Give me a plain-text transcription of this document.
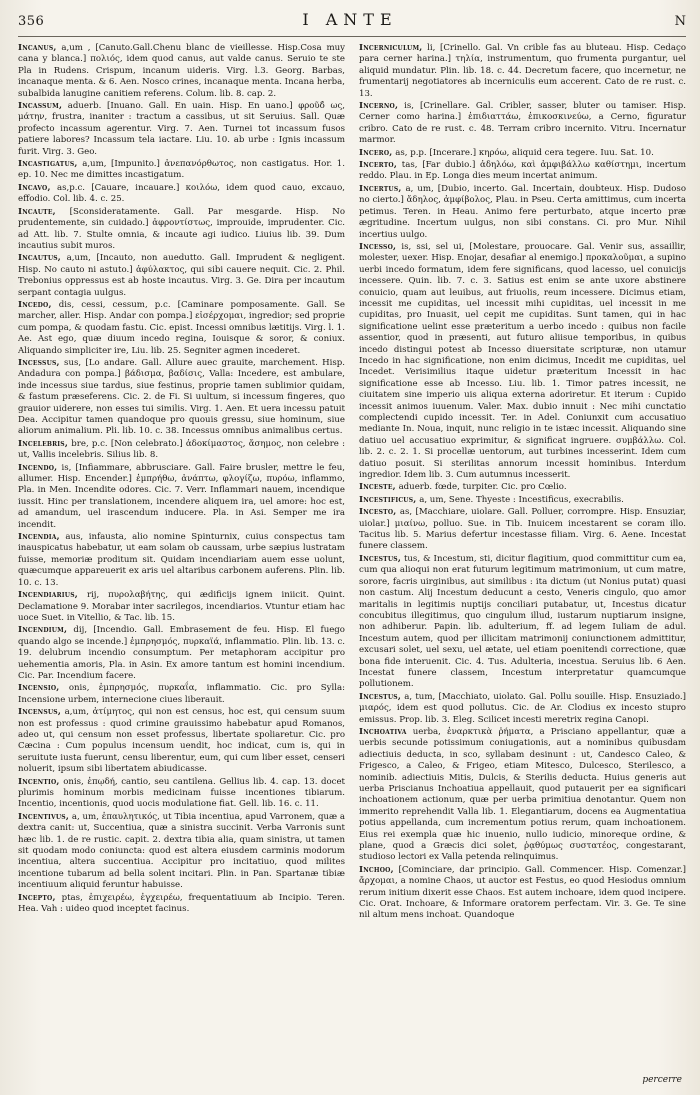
356	I ANTE	N

Incanus, a,um , [Canuto.Gall.Chenu blanc de vieillesse. Hisp.Cosa muy cana y blanca.] πολιός, idem quod canus, aut valde canus. Seruio te ste Pla in Rudens. Crispum, incanum uideris. Virg. l.3. Georg. Barbas, incanaque menta. & 6. Aen. Nosco crines, incanaque menta. Incana herba, subalbida lanugine canitiem referens. Colum. lib. 8. cap. 2.

Incassum, aduerb. [Inuano. Gall. En uain. Hisp. En uano.] φροῦδ̓ ως, μάτην, frustra, inaniter : tractum a cassibus, ut sit Seruius. Sall. Quæ profecto incassum agerentur. Virg. 7. Aen. Turnei tot incassum fusos patiere labores? Incassum tela iactare. Liu. 10. ab urbe : Ignis incassum furit. Virg. 3. Geo.

Incastigatus, a,um, [Impunito.] ἀνεπανόρθωτος, non castigatus. Hor. 1. ep. 10. Nec me dimittes incastigatum.

Incavo, as,p.c. [Cauare, incauare.] κοιλόω, idem quod cauo, excauo, effodio. Col. lib. 4. c. 25.

Incaute, [Sconsideratamente. Gall. Par mesgarde. Hisp. No prudentemente, sin cuidado.] ἀφροντίστως, improuide, imprudenter. Cic. ad Att. lib. 7. Stulte omnia, & incaute agi iudico. Liuius lib. 39. Dum incautius subit muros.

Incautus, a,um, [Incauto, non auedutto. Gall. Imprudent & negligent. Hisp. No cauto ni astuto.] ἀφύλακτος, qui sibi cauere nequit. Cic. 2. Phil. Trebonius oppressus est ab hoste incautus. Virg. 3. Ge. Dira per incautum serpant contagia uulgus.

Incedo, dis, cessi, cessum, p.c. [Caminare pomposamente. Gall. Se marcher, aller. Hisp. Andar con pompa.] εἰσέρχομαι, ingredior; sed proprie cum pompa, & quodam fastu. Cic. epist. Incessi omnibus lætitijs. Virg. l. 1. Ae. Ast ego, quæ diuum incedo regina, Iouisque & soror, & coniux. Aliquando simpliciter ire, Liu. lib. 25. Segniter agmen incederet.

Incessus, sus, [Lo andare. Gall. Allure auec grauite, marchement. Hisp. Andadura con pompa.] βάδισμα, βαδίσις, Valla: Incedere, est ambulare, inde incessus siue tardus, siue festinus, proprie tamen sublimior quidam, & fastum præseferens. Cic. 2. de Fi. Si uultum, si incessum fingeres, quo grauior uiderere, non esses tui similis. Virg. 1. Aen. Et uera incessu patuit Dea. Accipitur tamen quandoque pro quouis gressu, siue hominum, siue aliorum animalium. Pli. lib. 10. c. 38. Incessus omnibus animalibus certus.

Incelebris, bre, p.c. [Non celebrato.] ἀδοκίμαστος, ἄσημος, non celebre : ut, Vallis incelebris. Silius lib. 8.

Incendo, is, [Infiammare, abbrusciare. Gall. Faire brusler, mettre le feu, allumer. Hisp. Encender.] ἐμπρήθω, ἀνάπτω, φλογίζω, πυρόω, inflammo, Pla. in Men. Incendite odores. Cic. 7. Verr. Inflammari nauem, incendique iussit. Hinc per translationem, incendere aliquem ira, uel amore: hoc est, ad amandum, uel irascendum inducere. Pla. in Asi. Semper me ira incendit.

Incendia, aus, infausta, alio nomine Spinturnix, cuius conspectus tam inauspicatus habebatur, ut eam solam ob caussam, urbe sæpius lustratam fuisse, memoriæ proditum sit. Quidam incendiariam auem esse uolunt, quæcumque appareuerit ex aris uel altaribus carbonem auferens. Plin. lib. 10. c. 13.

Incendiarius, rij, πυρολαβήτης, qui ædificijs ignem iniicit. Quint. Declamatione 9. Morabar inter sacrilegos, incendiarios. Vtuntur etiam hac uoce Suet. in Vitellio, & Tac. lib. 15.

Incendium, dij, [Incendio. Gall. Embrasement de feu. Hisp. El fuego quando algo se incende.] ἐμπρησμός, πυρκαϊά, inflammatio. Plin. lib. 13. c. 19. delubrum incendio consumptum. Per metaphoram accipitur pro uehementia amoris, Pla. in Asin. Ex amore tantum est homini incendium. Cic. Par. Incendium facere.

Incensio, onis, ἐμπρησμός, πυρκαΐα, inflammatio. Cic. pro Sylla: Incensione urbem, internecione ciues liberauit.

Incensus, a,um, ἀτίμητος, qui non est census, hoc est, qui censum suum non est professus : quod crimine grauissimo habebatur apud Romanos, adeo ut, qui censum non esset professus, libertate spoliaretur. Cic. pro Cæcina : Cum populus incensum uendit, hoc indicat, cum is, qui in seruitute iusta fuerunt, censu liberentur, eum, qui cum liber esset, censeri noluerit, ipsum sibi libertatem abiudicasse.

Incentio, onis, ἐπῳδή, cantio, seu cantilena. Gellius lib. 4. cap. 13. docet plurimis hominum morbis medicinam fuisse incentiones tibiarum. Incentio, incentionis, quod uocis modulatione fiat. Gell. lib. 16. c. 11.

Incentivus, a, um, ἐπαυλητικός, ut Tibia incentiua, apud Varronem, quæ a dextra canit: ut, Succentiua, quæ a sinistra succinit. Verba Varronis sunt hæc lib. 1. de re rustic. capit. 2. dextra tibia alia, quam sinistra, ut tamen sit quodam modo coniuncta: quod est altera eiusdem carminis modorum incentiua, altera succentiua. Accipitur pro incitatiuo, quod milites incentione tubarum ad bella solent incitari. Plin. in Pan. Spartanæ tibiæ incentiuum aliquid feruntur habuisse.

Incepto, ptas, ἐπιχειρέω, ἐγχειρέω, frequentatiuum ab Incipio. Teren. Hea. Vah : uideo quod inceptet facinus.

Incerniculum, li, [Crinello. Gal. Vn crible fas au bluteau. Hisp. Cedaço para cerner harina.] τηλία, instrumentum, quo frumenta purgantur, uel aliquid mundatur. Plin. lib. 18. c. 44. Decretum facere, quo incernetur, ne frumentarij negotiatores ab incerniculis eum accerent. Cato de re rust. c. 13.

Incerno, is, [Crinellare. Gal. Cribler, sasser, bluter ou tamiser. Hisp. Cerner como harina.] ἐπιδιαττάω, ἐπικοσκινεύω, a Cerno, figuratur cribro. Cato de re rust. c. 48. Terram cribro incernito. Vitru. Incernatur marmor.

Incero, as, p.p. [Incerare.] κηρόω, aliquid cera tegere. Iuu. Sat. 10.

Incerto, tas, [Far dubio.] ἀδηλόω, καὶ ἀμφιβάλλω καθίστημι, incertum reddo. Plau. in Ep. Longa dies meum incertat animum.

Incertus, a, um, [Dubio, incerto. Gal. Incertain, doubteux. Hisp. Dudoso no cierto.] ἄδηλος, ἀμφίβολος, Plau. in Pseu. Certa amittimus, cum incerta petimus. Teren. in Heau. Animo fere perturbato, atque incerto præ ægritudine. Incertum uulgus, non sibi constans. Ci. pro Mur. Nihil incertius uulgo.

Incesso, is, ssi, sel ui, [Molestare, prouocare. Gal. Venir sus, assaillir, molester, uexer. Hisp. Enojar, desafiar al enemigo.] προκαλοῦμαι, a supino uerbi incedo formatum, idem fere significans, quod lacesso, uel conuicijs incessere. Quin. lib. 7. c. 3. Satius est enim se ante uxore abstinere conuicio, quam aut leuibus, aut friuolis, reum incessere. Dicimus etiam, incessit me cupiditas, uel incessit mihi cupiditas, uel incessit in me cupiditas, pro Inuasit, uel cepit me cupiditas. Sunt tamen, qui in hac significatione uelint esse præteritum a uerbo incedo : quibus non facile assentior, quod in præsenti, aut futuro aliisue temporibus, in quibus incedo distingui potest ab Incesso diuersitate scripturæ, non utamur Incedo in hac significatione, non enim dicimus, Incedit me cupiditas, uel Incedet. Verisimilius itaque uidetur præteritum Incessit in hac significatione esse ab Incesso. Liu. lib. 1. Timor patres incessit, ne ciuitatem sine imperio uis aliqua externa adoriretur. Et iterum : Cupido incessit animos iuuenum. Valer. Max. dubio innuit : Nec mihi cunctatio complectendi cupido incessit. Ter. in Adel. Coniunxit cum accusatiuo mediante In. Noua, inquit, nunc religio in te istæc incessit. Aliquando sine datiuo uel accusatiuo exprimitur, & significat ingruere. συμβάλλω. Col. lib. 2. c. 2. 1. Si procellæ uentorum, aut turbines incesserint. Idem cum datiuo posuit. Si sterilitas annorum incessit hominibus. Interdum ingredior. Idem lib. 3. Cum autumnus incesserit.

Inceste, aduerb. fœde, turpiter. Cic. pro Cœlio.

Incestificus, a, um, Sene. Thyeste : Incestificus, execrabilis.

Incesto, as, [Macchiare, uiolare. Gall. Polluer, corrompre. Hisp. Ensuziar, uiolar.] μιαίνω, polluo. Sue. in Tib. Inuicem incestarent se coram illo. Tacitus lib. 5. Marius defertur incestasse filiam. Virg. 6. Aene. Incestat funere classem.

Incestus, tus, & Incestum, sti, dicitur flagitium, quod committitur cum ea, cum qua alioqui non erat futurum legitimum matrimonium, ut cum matre, sorore, facris uirginibus, aut similibus : ita dictum (ut Nonius putat) quasi non castum. Alij Incestum deducunt a cesto, Veneris cingulo, quo amor maritalis in legitimis nuptijs conciliari putabatur, ut, Incestus dicatur concubitus illegitimus, quo cingulum illud, iustarum nuptiarum insigne, non adhiberur. Papin. lib. adulterium, ff. ad legem Iuliam de adul. Incestum autem, quod per illicitam matrimonij coniunctionem admittitur, excusari solet, uel sexu, uel ætate, uel etiam poenitendi correctione, quæ bona fide interuenit. Cic. 4. Tus. Adulteria, incestua. Seruius lib. 6 Aen. Incestat funere classem, Incestum interpretatur quamcumque pollutionem.

Incestus, a, tum, [Macchiato, uiolato. Gal. Pollu souille. Hisp. Ensuziado.] μιαρός, idem est quod pollutus. Cic. de Ar. Clodius ex incesto stupro emissus. Prop. lib. 3. Eleg. Scilicet incesti meretrix regina Canopi.

Inchoativa uerba, ἐναρκτικὰ ῥήματα, a Prisciano appellantur, quæ a uerbis secunde potissimum coniugationis, aut a nominibus quibusdam adiectiuis deducta, in sco, syllabam desinunt : ut, Candesco Caleo, & Frigesco, a Caleo, & Frigeo, etiam Mitesco, Dulcesco, Sterilesco, a nominib. adiectiuis Mitis, Dulcis, & Sterilis deducta. Huius generis aut uerba Priscianus Inchoatiua appellauit, quod putauerit per ea significari inchoationem actionum, quæ per uerba primitiua denotantur. Quem non immerito reprehendit Valla lib. 1. Elegantiarum, docens ea Augmentatiua potius appellanda, cum incrementum potius rerum, quam inchoationem. Eius rei exempla quæ hic inuenio, nullo iudicio, minoreque ordine, & plane, quod a Græcis dici solet, ῥᾳθύμως συστατέος, congestarant, studioso lectori ex Valla petenda relinquimus.

Inchoo, [Cominciare, dar principio. Gall. Commencer. Hisp. Comenzar.] ἄρχομαι, a nomine Chaos, ut auctor est Festus, eo quod Hesiodus omnium rerum initium dixerit esse Chaos. Est autem inchoare, idem quod incipere. Cic. Orat. Inchoare, & Informare oratorem perfectam. Vir. 3. Ge. Te sine nil altum mens inchoat. Quandoque

percerre
